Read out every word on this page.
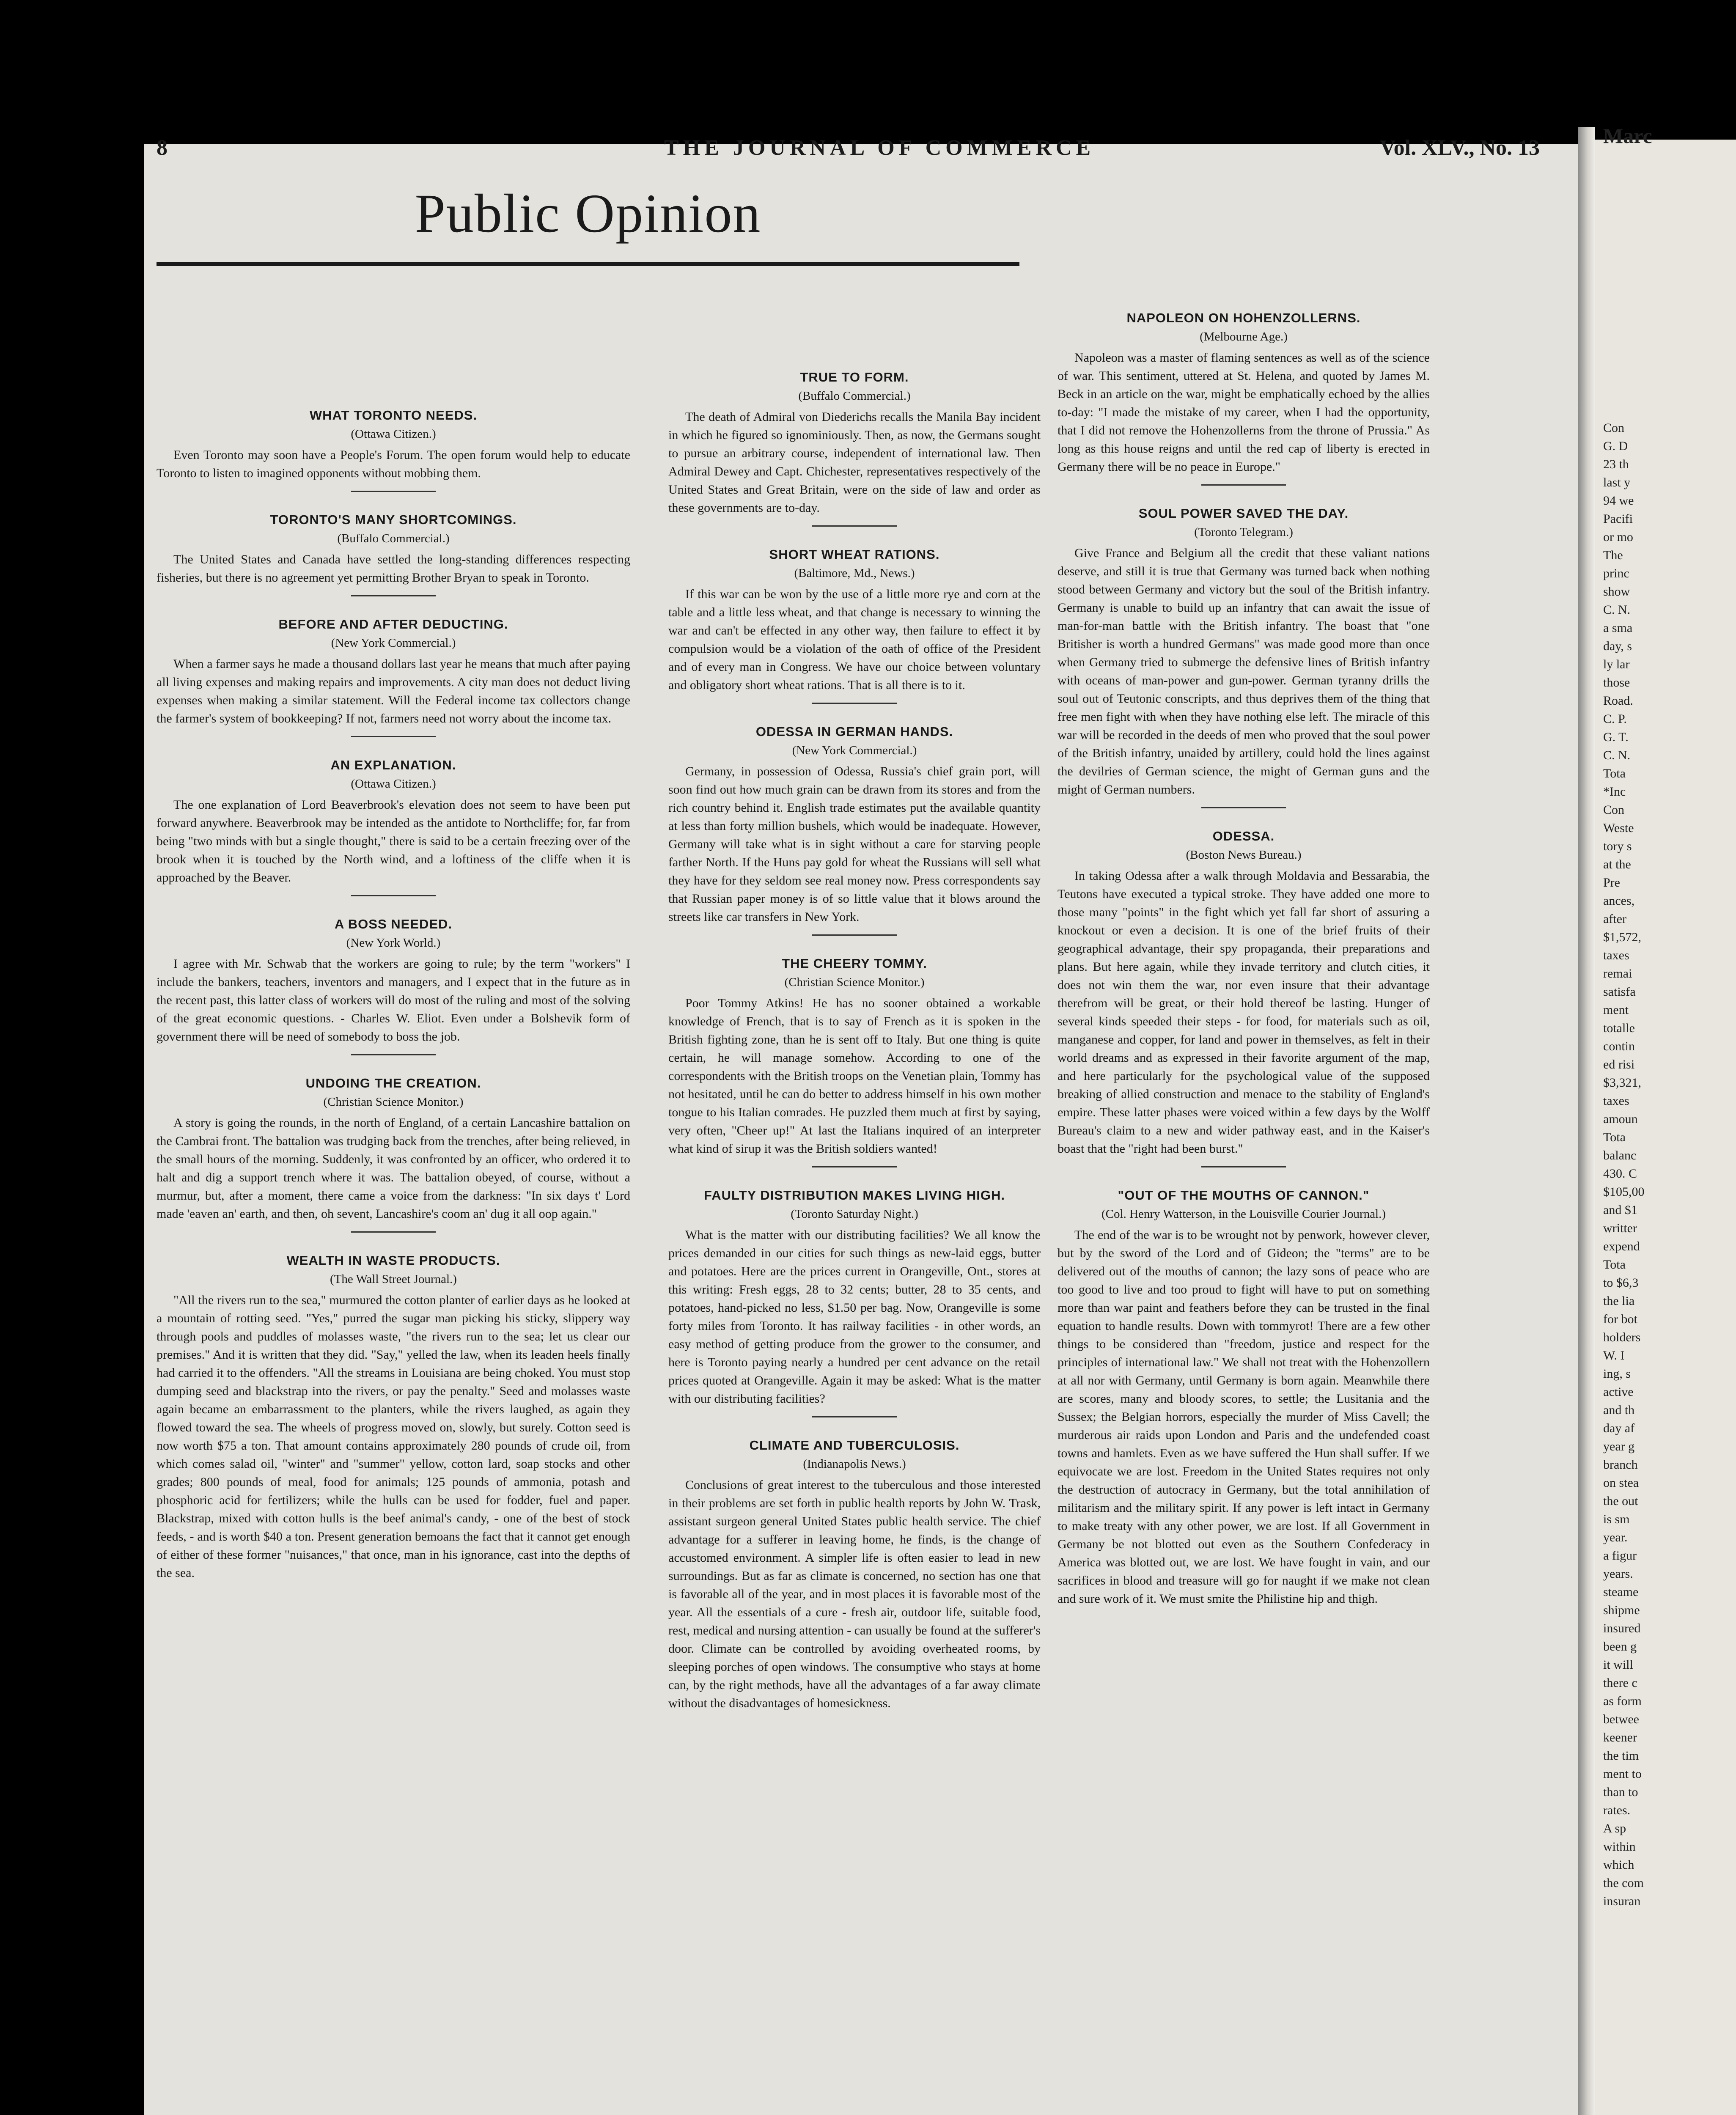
Con
G. D
23 th
last y
94 we
Pacifi
or mo
The
princ
show
C. N.
a sma
day, s
ly lar
those
Road.
C. P.
G. T.
C. N.
Tota
*Inc
Con
Weste
tory s
at the
Pre
ances,
after
$1,572,
taxes
remai
satisfa
ment
totalle
contin
ed risi
$3,321,
taxes
amoun
Tota
balanc
430. C
$105,00
and $1
writter
expend
Tota
to $6,3
the lia
for bot
holders
W. I
ing, s
active
and th
day af
year g
branch
on stea
the out
is sm
year.
a figur
years.
steame
shipme
insured
been g
it will
there c
as form
betwee
keener
the tim
ment to
than to
rates.
A sp
within
which
the com
insuran
Marc
8	THE JOURNAL OF COMMERCE	Vol. XLV., No. 13
Public Opinion
WHAT TORONTO NEEDS.
(Ottawa Citizen.)

Even Toronto may soon have a People's Forum. The open forum would help to educate Toronto to listen to imagined opponents without mobbing them.

TORONTO'S MANY SHORTCOMINGS.
(Buffalo Commercial.)

The United States and Canada have settled the long-standing differences respecting fisheries, but there is no agreement yet permitting Brother Bryan to speak in Toronto.

BEFORE AND AFTER DEDUCTING.
(New York Commercial.)

When a farmer says he made a thousand dollars last year he means that much after paying all living expenses and making repairs and improvements. A city man does not deduct living expenses when making a similar statement. Will the Federal income tax collectors change the farmer's system of bookkeeping? If not, farmers need not worry about the income tax.

AN EXPLANATION.
(Ottawa Citizen.)

The one explanation of Lord Beaverbrook's elevation does not seem to have been put forward anywhere. Beaverbrook may be intended as the antidote to Northcliffe; for, far from being "two minds with but a single thought," there is said to be a certain freezing over of the brook when it is touched by the North wind, and a loftiness of the cliffe when it is approached by the Beaver.

A BOSS NEEDED.
(New York World.)

I agree with Mr. Schwab that the workers are going to rule; by the term "workers" I include the bankers, teachers, inventors and managers, and I expect that in the future as in the recent past, this latter class of workers will do most of the ruling and most of the solving of the great economic questions. - Charles W. Eliot. Even under a Bolshevik form of government there will be need of somebody to boss the job.

UNDOING THE CREATION.
(Christian Science Monitor.)

A story is going the rounds, in the north of England, of a certain Lancashire battalion on the Cambrai front. The battalion was trudging back from the trenches, after being relieved, in the small hours of the morning. Suddenly, it was confronted by an officer, who ordered it to halt and dig a support trench where it was. The battalion obeyed, of course, without a murmur, but, after a moment, there came a voice from the darkness: "In six days t' Lord made 'eaven an' earth, and then, oh sevent, Lancashire's coom an' dug it all oop again."

WEALTH IN WASTE PRODUCTS.
(The Wall Street Journal.)

"All the rivers run to the sea," murmured the cotton planter of earlier days as he looked at a mountain of rotting seed. "Yes," purred the sugar man picking his sticky, slippery way through pools and puddles of molasses waste, "the rivers run to the sea; let us clear our premises." And it is written that they did. "Say," yelled the law, when its leaden heels finally had carried it to the offenders. "All the streams in Louisiana are being choked. You must stop dumping seed and blackstrap into the rivers, or pay the penalty." Seed and molasses waste again became an embarrassment to the planters, while the rivers laughed, as again they flowed toward the sea. The wheels of progress moved on, slowly, but surely. Cotton seed is now worth $75 a ton. That amount contains approximately 280 pounds of crude oil, from which comes salad oil, "winter" and "summer" yellow, cotton lard, soap stocks and other grades; 800 pounds of meal, food for animals; 125 pounds of ammonia, potash and phosphoric acid for fertilizers; while the hulls can be used for fodder, fuel and paper. Blackstrap, mixed with cotton hulls is the beef animal's candy, - one of the best of stock feeds, - and is worth $40 a ton. Present generation bemoans the fact that it cannot get enough of either of these former "nuisances," that once, man in his ignorance, cast into the depths of the sea.

TRUE TO FORM.
(Buffalo Commercial.)

The death of Admiral von Diederichs recalls the Manila Bay incident in which he figured so ignominiously. Then, as now, the Germans sought to pursue an arbitrary course, independent of international law. Then Admiral Dewey and Capt. Chichester, representatives respectively of the United States and Great Britain, were on the side of law and order as these governments are to-day.

SHORT WHEAT RATIONS.
(Baltimore, Md., News.)

If this war can be won by the use of a little more rye and corn at the table and a little less wheat, and that change is necessary to winning the war and can't be effected in any other way, then failure to effect it by compulsion would be a violation of the oath of office of the President and of every man in Congress. We have our choice between voluntary and obligatory short wheat rations. That is all there is to it.

ODESSA IN GERMAN HANDS.
(New York Commercial.)

Germany, in possession of Odessa, Russia's chief grain port, will soon find out how much grain can be drawn from its stores and from the rich country behind it. English trade estimates put the available quantity at less than forty million bushels, which would be inadequate. However, Germany will take what is in sight without a care for starving people farther North. If the Huns pay gold for wheat the Russians will sell what they have for they seldom see real money now. Press correspondents say that Russian paper money is of so little value that it blows around the streets like car transfers in New York.

THE CHEERY TOMMY.
(Christian Science Monitor.)

Poor Tommy Atkins! He has no sooner obtained a workable knowledge of French, that is to say of French as it is spoken in the British fighting zone, than he is sent off to Italy. But one thing is quite certain, he will manage somehow. According to one of the correspondents with the British troops on the Venetian plain, Tommy has not hesitated, until he can do better to address himself in his own mother tongue to his Italian comrades. He puzzled them much at first by saying, very often, "Cheer up!" At last the Italians inquired of an interpreter what kind of sirup it was the British soldiers wanted!

FAULTY DISTRIBUTION MAKES LIVING HIGH.
(Toronto Saturday Night.)

What is the matter with our distributing facilities? We all know the prices demanded in our cities for such things as new-laid eggs, butter and potatoes. Here are the prices current in Orangeville, Ont., stores at this writing: Fresh eggs, 28 to 32 cents; butter, 28 to 35 cents, and potatoes, hand-picked no less, $1.50 per bag. Now, Orangeville is some forty miles from Toronto. It has railway facilities - in other words, an easy method of getting produce from the grower to the consumer, and here is Toronto paying nearly a hundred per cent advance on the retail prices quoted at Orangeville. Again it may be asked: What is the matter with our distributing facilities?

CLIMATE AND TUBERCULOSIS.
(Indianapolis News.)

Conclusions of great interest to the tuberculous and those interested in their problems are set forth in public health reports by John W. Trask, assistant surgeon general United States public health service. The chief advantage for a sufferer in leaving home, he finds, is the change of accustomed environment. A simpler life is often easier to lead in new surroundings. But as far as climate is concerned, no section has one that is favorable all of the year, and in most places it is favorable most of the year. All the essentials of a cure - fresh air, outdoor life, suitable food, rest, medical and nursing attention - can usually be found at the sufferer's door. Climate can be controlled by avoiding overheated rooms, by sleeping porches of open windows. The consumptive who stays at home can, by the right methods, have all the advantages of a far away climate without the disadvantages of homesickness.

NAPOLEON ON HOHENZOLLERNS.
(Melbourne Age.)

Napoleon was a master of flaming sentences as well as of the science of war. This sentiment, uttered at St. Helena, and quoted by James M. Beck in an article on the war, might be emphatically echoed by the allies to-day: "I made the mistake of my career, when I had the opportunity, that I did not remove the Hohenzollerns from the throne of Prussia." As long as this house reigns and until the red cap of liberty is erected in Germany there will be no peace in Europe."

SOUL POWER SAVED THE DAY.
(Toronto Telegram.)

Give France and Belgium all the credit that these valiant nations deserve, and still it is true that Germany was turned back when nothing stood between Germany and victory but the soul of the British infantry. Germany is unable to build up an infantry that can await the issue of man-for-man battle with the British infantry. The boast that "one Britisher is worth a hundred Germans" was made good more than once when Germany tried to submerge the defensive lines of British infantry with oceans of man-power and gun-power. German tyranny drills the soul out of Teutonic conscripts, and thus deprives them of the thing that free men fight with when they have nothing else left. The miracle of this war will be recorded in the deeds of men who proved that the soul power of the British infantry, unaided by artillery, could hold the lines against the devilries of German science, the might of German guns and the might of German numbers.

ODESSA.
(Boston News Bureau.)

In taking Odessa after a walk through Moldavia and Bessarabia, the Teutons have executed a typical stroke. They have added one more to those many "points" in the fight which yet fall far short of assuring a knockout or even a decision. It is one of the brief fruits of their geographical advantage, their spy propaganda, their preparations and plans. But here again, while they invade territory and clutch cities, it does not win them the war, nor even insure that their advantage therefrom will be great, or their hold thereof be lasting. Hunger of several kinds speeded their steps - for food, for materials such as oil, manganese and copper, for land and power in themselves, as felt in their world dreams and as expressed in their favorite argument of the map, and here particularly for the psychological value of the supposed breaking of allied construction and menace to the stability of England's empire. These latter phases were voiced within a few days by the Wolff Bureau's claim to a new and wider pathway east, and in the Kaiser's boast that the "right had been burst."

"OUT OF THE MOUTHS OF CANNON."
(Col. Henry Watterson, in the Louisville Courier Journal.)

The end of the war is to be wrought not by penwork, however clever, but by the sword of the Lord and of Gideon; the "terms" are to be delivered out of the mouths of cannon; the lazy sons of peace who are too good to live and too proud to fight will have to put on something more than war paint and feathers before they can be trusted in the final equation to handle results. Down with tommyrot! There are a few other things to be considered than "freedom, justice and respect for the principles of international law." We shall not treat with the Hohenzollern at all nor with Germany, until Germany is born again. Meanwhile there are scores, many and bloody scores, to settle; the Lusitania and the Sussex; the Belgian horrors, especially the murder of Miss Cavell; the murderous air raids upon London and Paris and the undefended coast towns and hamlets. Even as we have suffered the Hun shall suffer. If we equivocate we are lost. Freedom in the United States requires not only the destruction of autocracy in Germany, but the total annihilation of militarism and the military spirit. If any power is left intact in Germany to make treaty with any other power, we are lost. If all Government in Germany be not blotted out even as the Southern Confederacy in America was blotted out, we are lost. We have fought in vain, and our sacrifices in blood and treasure will go for naught if we make not clean and sure work of it. We must smite the Philistine hip and thigh.
